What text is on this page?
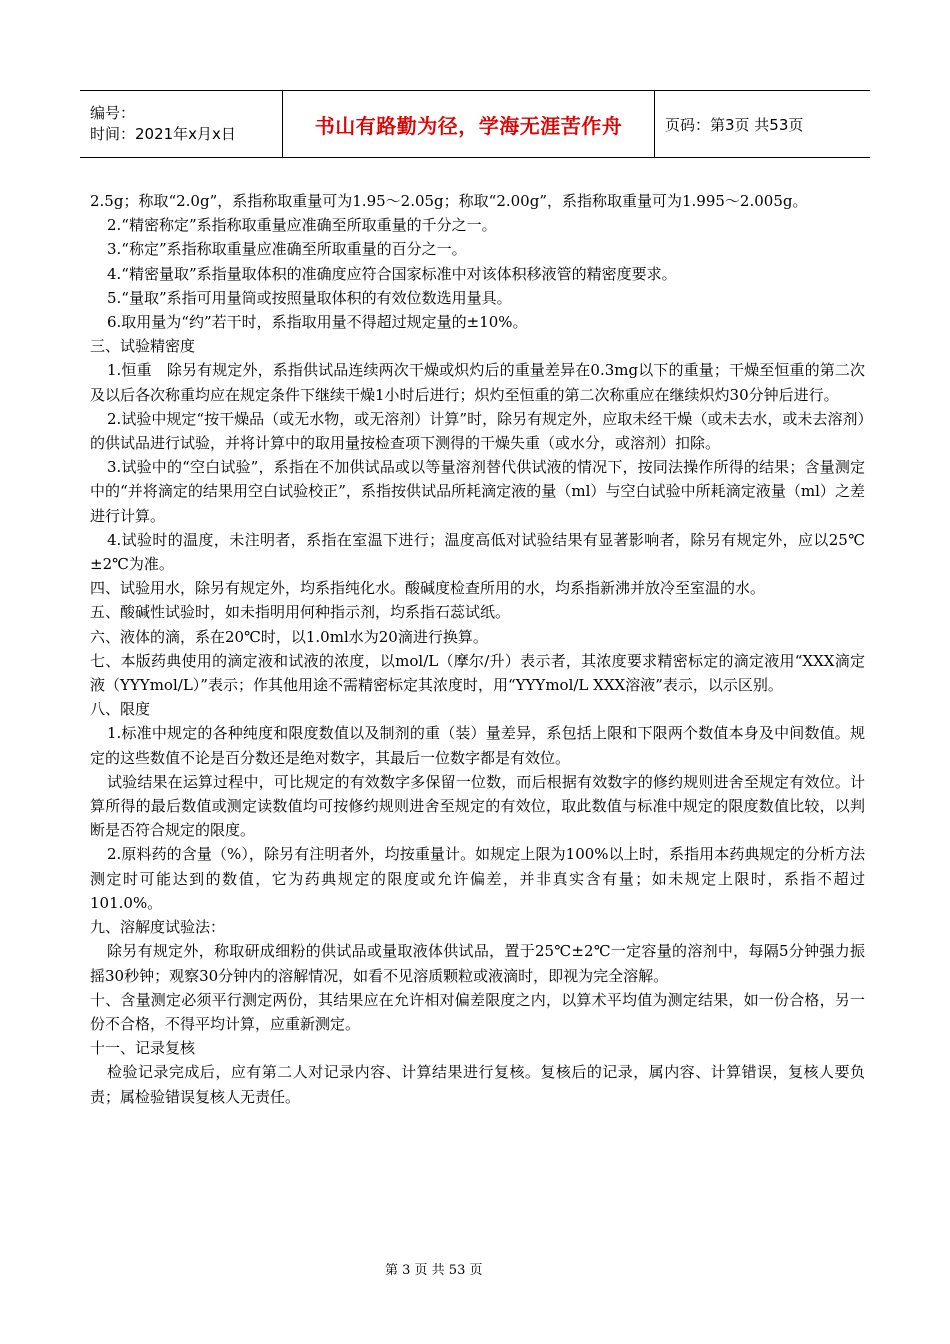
编号：
时间：2021年x月x日	书山有路勤为径，学海无涯苦作舟	页码：第3页 共53页

2.5g；称取“2.0g”，系指称取重量可为1.95～2.05g；称取“2.00g”，系指称取重量可为1.995～2.005g。

2.“精密称定”系指称取重量应准确至所取重量的千分之一。

3.“称定”系指称取重量应准确至所取重量的百分之一。

4.“精密量取”系指量取体积的准确度应符合国家标准中对该体积移液管的精密度要求。

5.“量取”系指可用量筒或按照量取体积的有效位数选用量具。

6.取用量为“约”若干时，系指取用量不得超过规定量的±10%。

三、试验精密度

1.恒重　除另有规定外，系指供试品连续两次干燥或炽灼后的重量差异在0.3mg以下的重量；干燥至恒重的第二次及以后各次称重均应在规定条件下继续干燥1小时后进行；炽灼至恒重的第二次称重应在继续炽灼30分钟后进行。

2.试验中规定“按干燥品（或无水物，或无溶剂）计算”时，除另有规定外，应取未经干燥（或未去水，或未去溶剂）的供试品进行试验，并将计算中的取用量按检查项下测得的干燥失重（或水分，或溶剂）扣除。

3.试验中的“空白试验”，系指在不加供试品或以等量溶剂替代供试液的情况下，按同法操作所得的结果；含量测定中的“并将滴定的结果用空白试验校正”，系指按供试品所耗滴定液的量（ml）与空白试验中所耗滴定液量（ml）之差进行计算。

4.试验时的温度，未注明者，系指在室温下进行；温度高低对试验结果有显著影响者，除另有规定外，应以25℃±2℃为准。

四、试验用水，除另有规定外，均系指纯化水。酸碱度检查所用的水，均系指新沸并放冷至室温的水。

五、酸碱性试验时，如未指明用何种指示剂，均系指石蕊试纸。

六、液体的滴，系在20℃时，以1.0ml水为20滴进行换算。

七、本版药典使用的滴定液和试液的浓度，以mol/L（摩尔/升）表示者，其浓度要求精密标定的滴定液用“XXX滴定液（YYYmol/L）”表示；作其他用途不需精密标定其浓度时，用“YYYmol/L XXX溶液”表示，以示区别。

八、限度

1.标准中规定的各种纯度和限度数值以及制剂的重（装）量差异，系包括上限和下限两个数值本身及中间数值。规定的这些数值不论是百分数还是绝对数字，其最后一位数字都是有效位。

试验结果在运算过程中，可比规定的有效数字多保留一位数，而后根据有效数字的修约规则进舍至规定有效位。计算所得的最后数值或测定读数值均可按修约规则进舍至规定的有效位，取此数值与标准中规定的限度数值比较，以判断是否符合规定的限度。

2.原料药的含量（%），除另有注明者外，均按重量计。如规定上限为100%以上时，系指用本药典规定的分析方法测定时可能达到的数值，它为药典规定的限度或允许偏差，并非真实含有量；如未规定上限时，系指不超过101.0%。

九、溶解度试验法：

除另有规定外，称取研成细粉的供试品或量取液体供试品，置于25℃±2℃一定容量的溶剂中，每隔5分钟强力振摇30秒钟；观察30分钟内的溶解情况，如看不见溶质颗粒或液滴时，即视为完全溶解。

十、含量测定必须平行测定两份，其结果应在允许相对偏差限度之内，以算术平均值为测定结果，如一份合格，另一份不合格，不得平均计算，应重新测定。

十一、记录复核

检验记录完成后，应有第二人对记录内容、计算结果进行复核。复核后的记录，属内容、计算错误，复核人要负责；属检验错误复核人无责任。

第 3 页 共 53 页
